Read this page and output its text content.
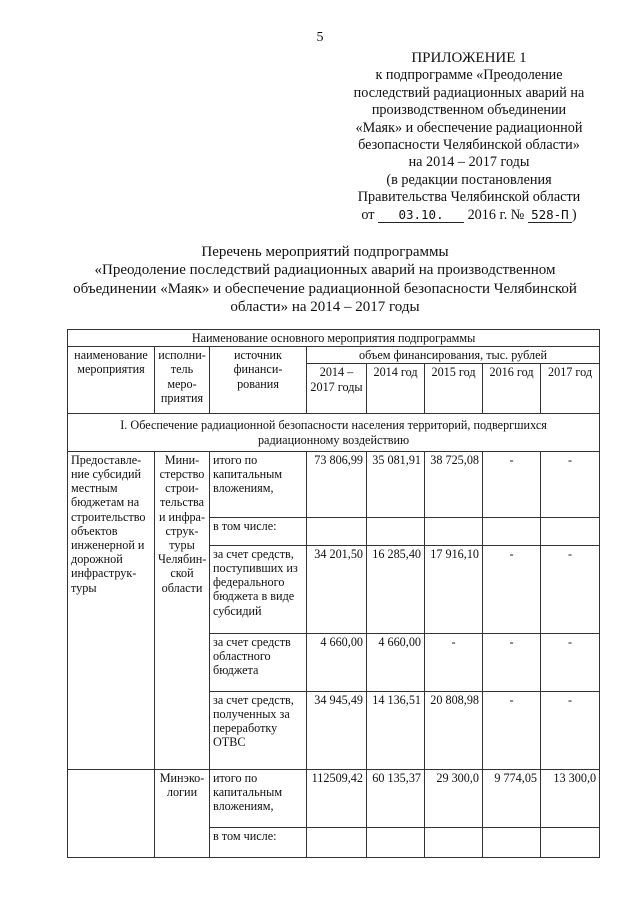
5
ПРИЛОЖЕНИЕ 1
к подпрограмме «Преодоление
последствий радиационных аварий на
производственном объединении
«Маяк» и обеспечение радиационной
безопасности Челябинской области»
на 2014 – 2017 годы
(в редакции постановления
Правительства Челябинской области
от 03.10. 2016 г. № 528-П )
Перечень мероприятий подпрограммы
«Преодоление последствий радиационных аварий на производственном
объединении «Маяк» и обеспечение радиационной безопасности Челябинской
области» на 2014 – 2017 годы
Наименование основного мероприятия подпрограммы							
наименование мероприятия	исполни-тель меро-приятия	источник финанси-рования	объем финансирования, тыс. рублей				
			2014 – 2017 годы	2014 год	2015 год	2016 год	2017 год
I. Обеспечение радиационной безопасности населения территорий, подвергшихся радиационному воздействию							
Предоставле-ние субсидий местным бюджетам на строительство объектов инженерной и дорожной инфраструк-туры	Мини-стерство строи-тельства и инфра-струк-туры Челябин-ской области	итого по капитальным вложениям,	73 806,99	35 081,91	38 725,08	-	-
		в том числе:					
		за счет средств, поступивших из федерального бюджета в виде субсидий	34 201,50	16 285,40	17 916,10	-	-
		за счет средств областного бюджета	4 660,00	4 660,00	-	-	-
		за счет средств, полученных за переработку ОТВС	34 945,49	14 136,51	20 808,98	-	-
	Минэко-логии	итого по капитальным вложениям,	112509,42	60 135,37	29 300,0	9 774,05	13 300,0
		в том числе:					
